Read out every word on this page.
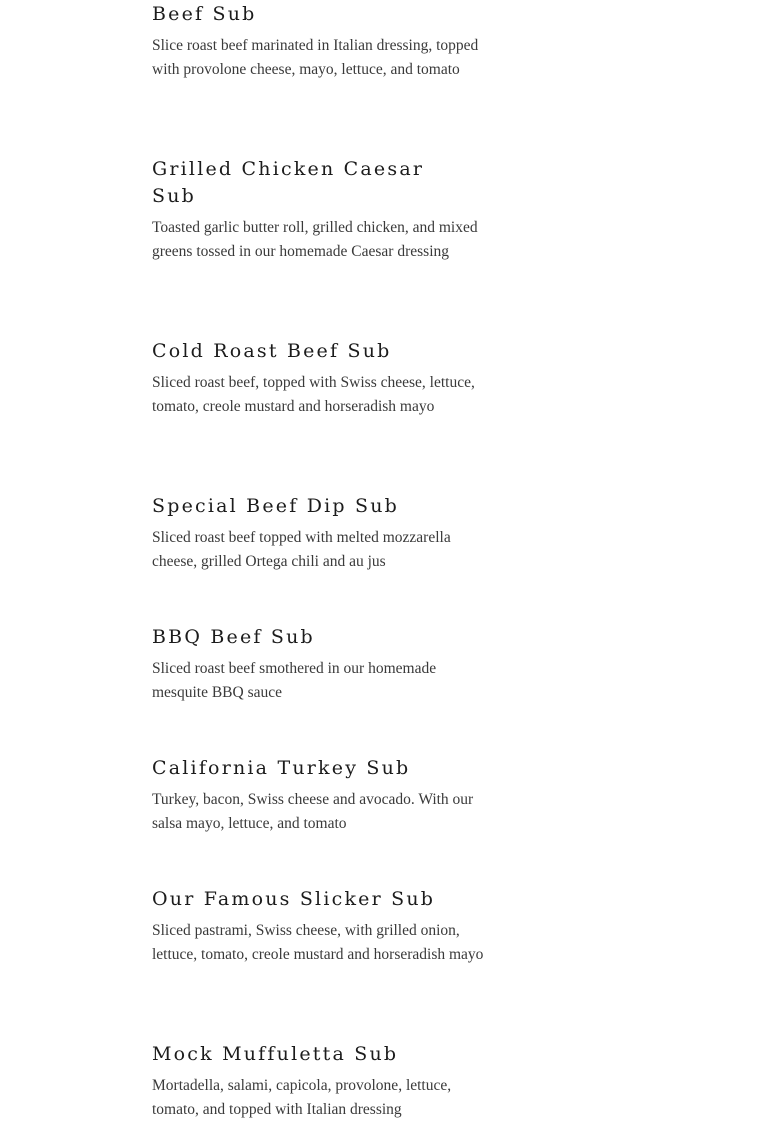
Beef Sub

Slice roast beef marinated in Italian dressing, topped with provolone cheese, mayo, lettuce, and tomato

Grilled Chicken Caesar Sub

Toasted garlic butter roll, grilled chicken, and mixed greens tossed in our homemade Caesar dressing

Cold Roast Beef Sub

Sliced roast beef, topped with Swiss cheese, lettuce, tomato, creole mustard and horseradish mayo

Special Beef Dip Sub

Sliced roast beef topped with melted mozzarella cheese, grilled Ortega chili and au jus

BBQ Beef Sub

Sliced roast beef smothered in our homemade mesquite BBQ sauce

California Turkey Sub

Turkey, bacon, Swiss cheese and avocado. With our salsa mayo, lettuce, and tomato

Our Famous Slicker Sub

Sliced pastrami, Swiss cheese, with grilled onion, lettuce, tomato, creole mustard and horseradish mayo

Mock Muffuletta Sub

Mortadella, salami, capicola, provolone, lettuce, tomato, and topped with Italian dressing
